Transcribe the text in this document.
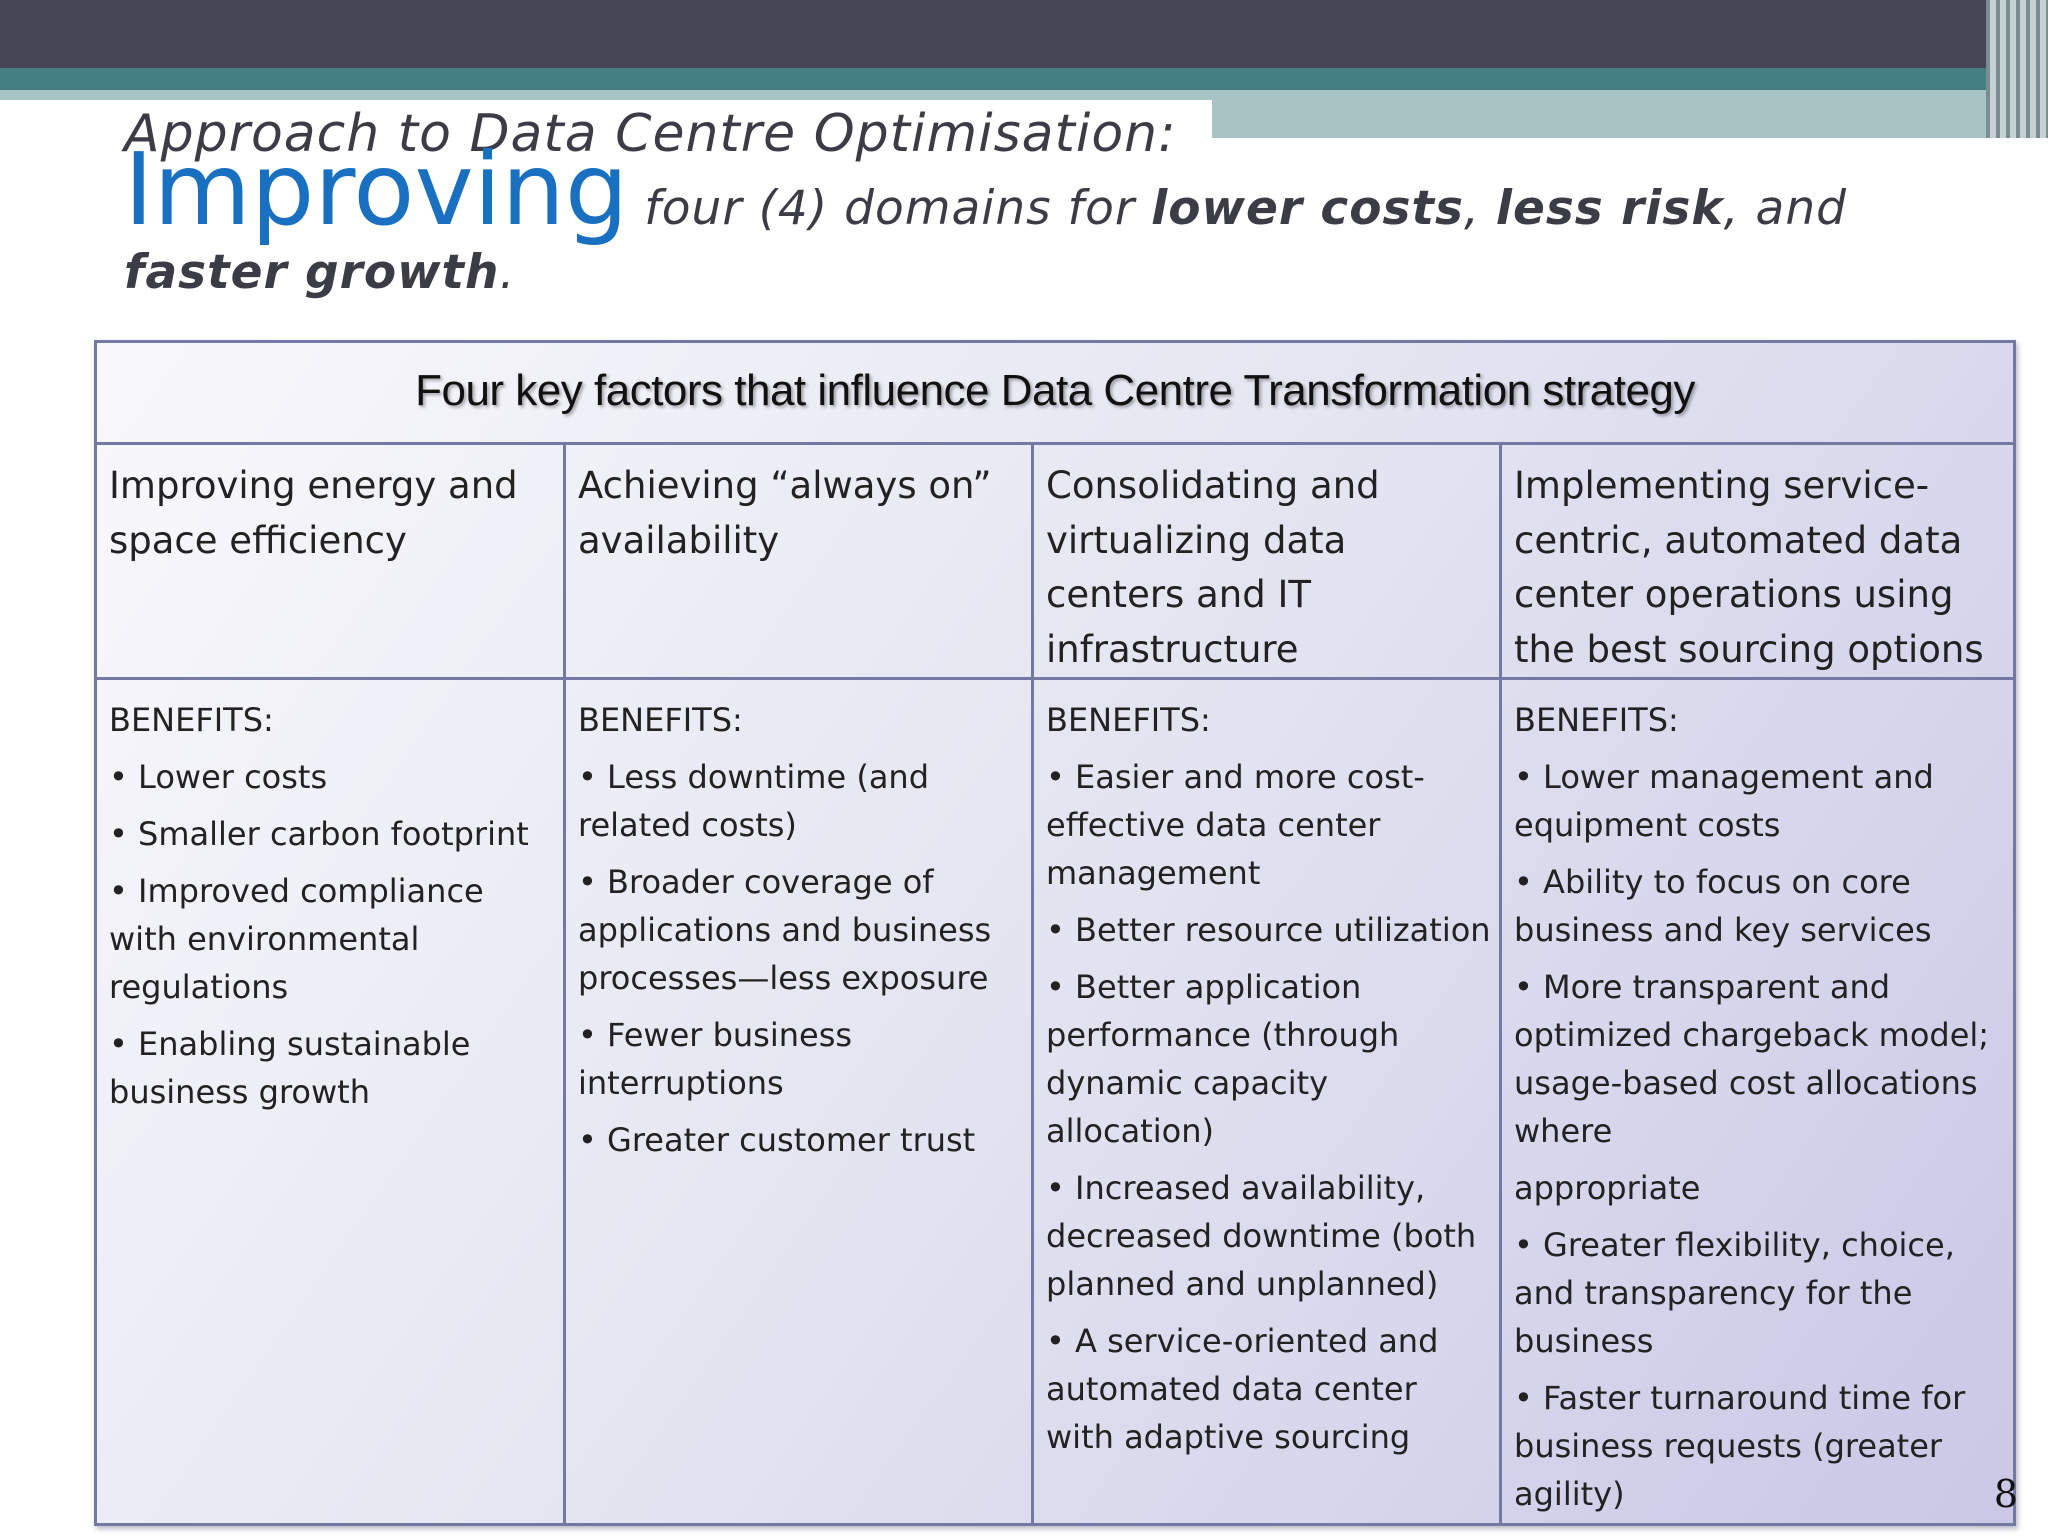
Approach to Data Centre Optimisation:
Improving four (4) domains for lower costs, less risk, and faster growth.
Four key factors that influence Data Centre Transformation strategy
Improving energy and space efficiency
BENEFITS:
• Lower costs
• Smaller carbon footprint
• Improved compliance with environmental regulations
• Enabling sustainable business growth
Achieving “always on” availability
BENEFITS:
• Less downtime (and related costs)
• Broader coverage of applications and business processes—less exposure
• Fewer business interruptions
• Greater customer trust
Consolidating and virtualizing data centers and IT infrastructure
BENEFITS:
• Easier and more cost-effective data center management
• Better resource utilization
• Better application performance (through dynamic capacity allocation)
• Increased availability, decreased downtime (both planned and unplanned)
• A service-oriented and automated data center with adaptive sourcing
Implementing service-centric, automated data center operations using the best sourcing options
BENEFITS:
• Lower management and equipment costs
• Ability to focus on core business and key services
• More transparent and optimized chargeback model; usage-based cost allocations where
appropriate
• Greater flexibility, choice, and transparency for the business
• Faster turnaround time for business requests (greater agility)	8
